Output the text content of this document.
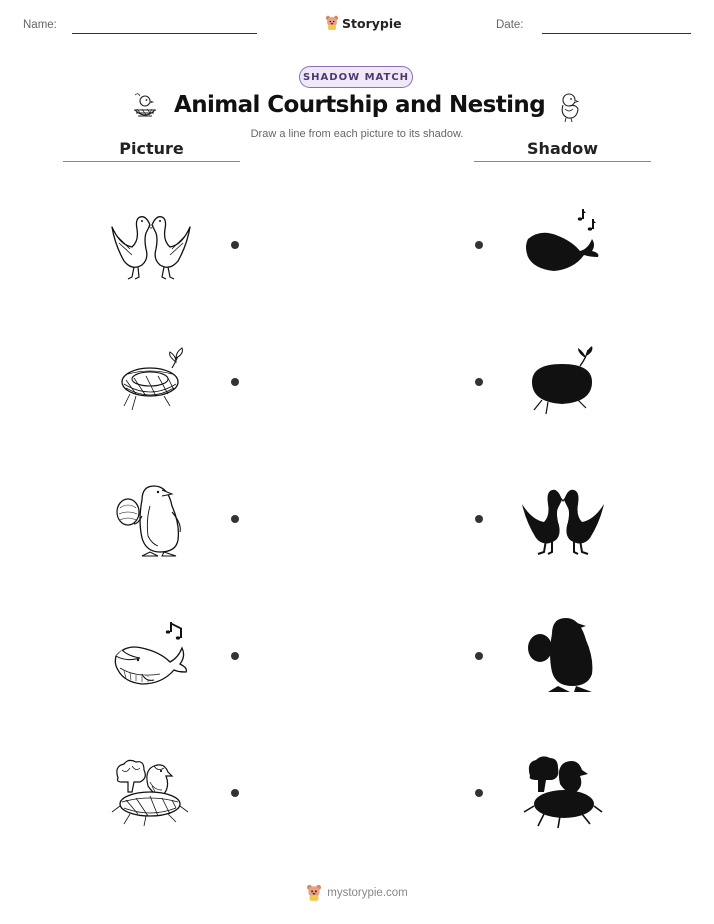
Name:	Storypie	Date:
SHADOW MATCH
Animal Courtship and Nesting
Draw a line from each picture to its shadow.
Picture	Shadow
mystorypie.com
